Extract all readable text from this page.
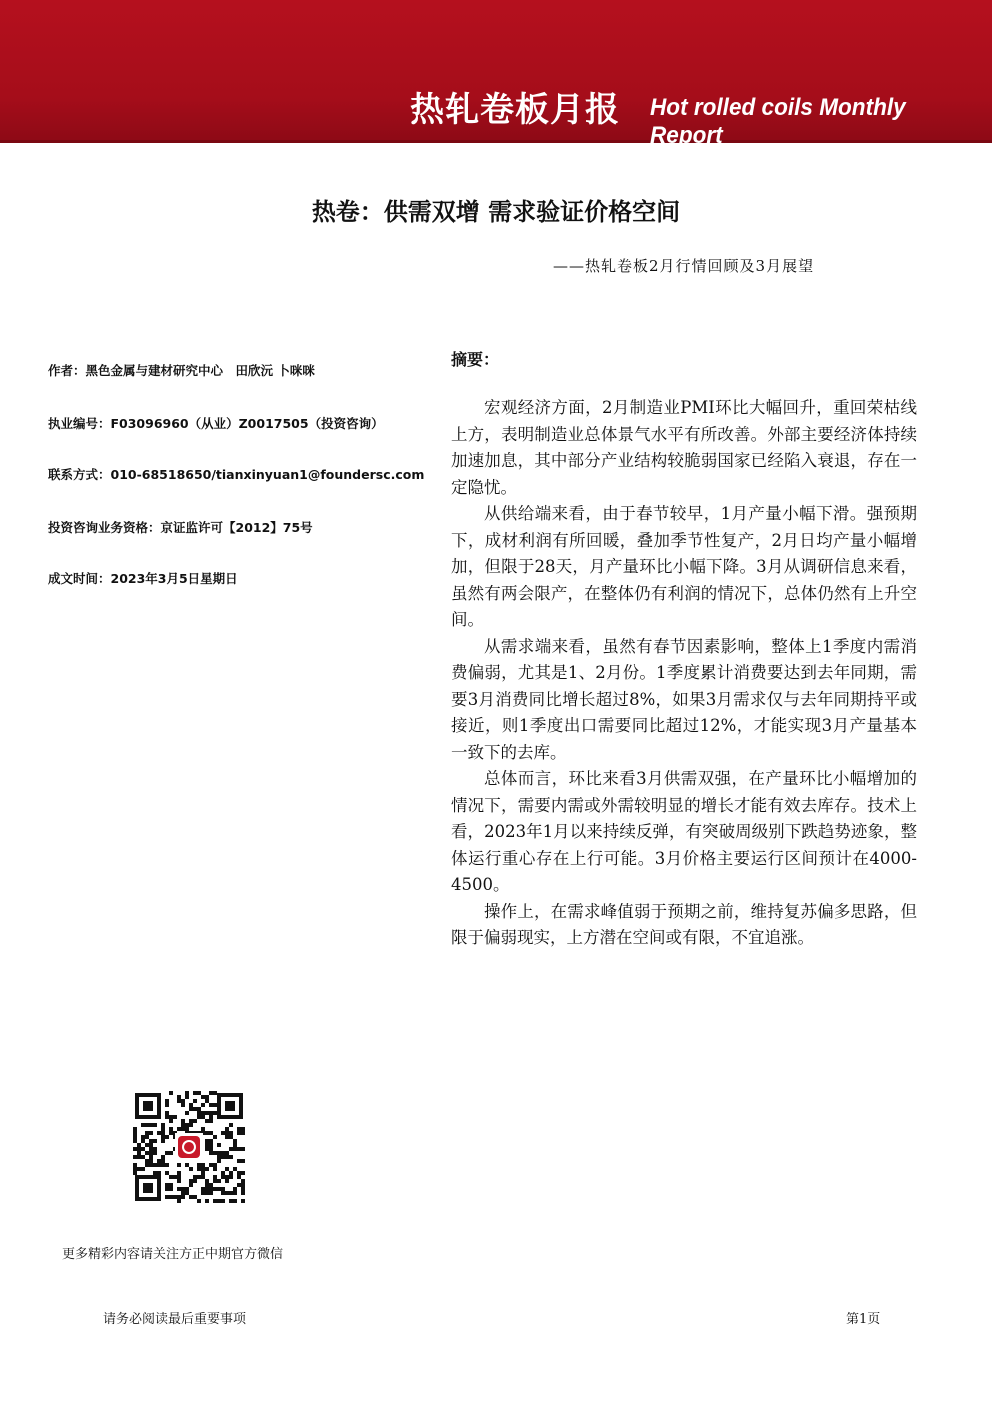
热轧卷板月报 Hot rolled coils Monthly Report
热卷：供需双增 需求验证价格空间
——热轧卷板2月行情回顾及3月展望
作者：黑色金属与建材研究中心　田欣沅 卜咪咪
执业编号：F03096960（从业）Z0017505（投资咨询）
联系方式：010-68518650/tianxinyuan1@foundersc.com
投资咨询业务资格：京证监许可【2012】75号
成文时间：2023年3月5日星期日
摘要：

宏观经济方面，2月制造业PMI环比大幅回升，重回荣枯线上方，表明制造业总体景气水平有所改善。外部主要经济体持续加速加息，其中部分产业结构较脆弱国家已经陷入衰退，存在一定隐忧。

从供给端来看，由于春节较早，1月产量小幅下滑。强预期下，成材利润有所回暖，叠加季节性复产，2月日均产量小幅增加，但限于28天，月产量环比小幅下降。3月从调研信息来看，虽然有两会限产，在整体仍有利润的情况下，总体仍然有上升空间。

从需求端来看，虽然有春节因素影响，整体上1季度内需消费偏弱，尤其是1、2月份。1季度累计消费要达到去年同期，需要3月消费同比增长超过8%，如果3月需求仅与去年同期持平或接近，则1季度出口需要同比超过12%，才能实现3月产量基本一致下的去库。

总体而言，环比来看3月供需双强，在产量环比小幅增加的情况下，需要内需或外需较明显的增长才能有效去库存。技术上看，2023年1月以来持续反弹，有突破周级别下跌趋势迹象，整体运行重心存在上行可能。3月价格主要运行区间预计在4000-4500。

操作上，在需求峰值弱于预期之前，维持复苏偏多思路，但限于偏弱现实，上方潜在空间或有限，不宜追涨。

更多精彩内容请关注方正中期官方微信
请务必阅读最后重要事项	第1页
